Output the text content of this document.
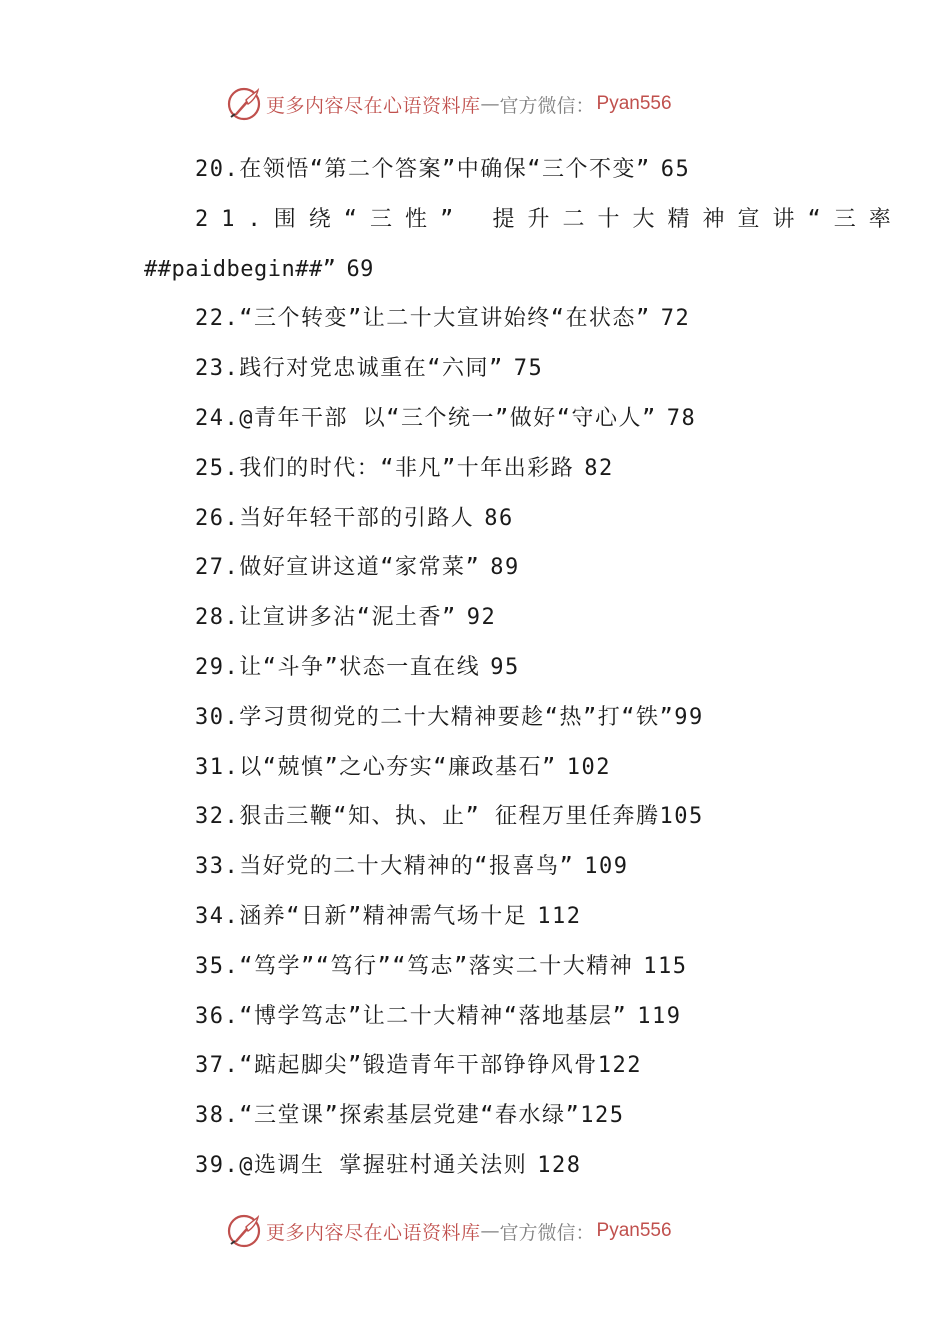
更多内容尽在心语资料库 — 官方微信： Pyan556
20.在领悟“第二个答案”中确保“三个不变” 65
21.围绕“三性” 提升二十大精神宣讲“三率
##paidbegin##” 69
22.“三个转变”让二十大宣讲始终“在状态” 72
23.践行对党忠诚重在“六同” 75
24.@青年干部 以“三个统一”做好“守心人” 78
25.我们的时代：“非凡”十年出彩路 82
26.当好年轻干部的引路人 86
27.做好宣讲这道“家常菜” 89
28.让宣讲多沾“泥土香” 92
29.让“斗争”状态一直在线 95
30.学习贯彻党的二十大精神要趁“热”打“铁”99
31.以“兢慎”之心夯实“廉政基石” 102
32.狠击三鞭“知、执、止” 征程万里任奔腾105
33.当好党的二十大精神的“报喜鸟” 109
34.涵养“日新”精神需气场十足 112
35.“笃学”“笃行”“笃志”落实二十大精神 115
36.“博学笃志”让二十大精神“落地基层” 119
37.“踮起脚尖”锻造青年干部铮铮风骨122
38.“三堂课”探索基层党建“春水绿”125
39.@选调生 掌握驻村通关法则 128
更多内容尽在心语资料库 — 官方微信： Pyan556
